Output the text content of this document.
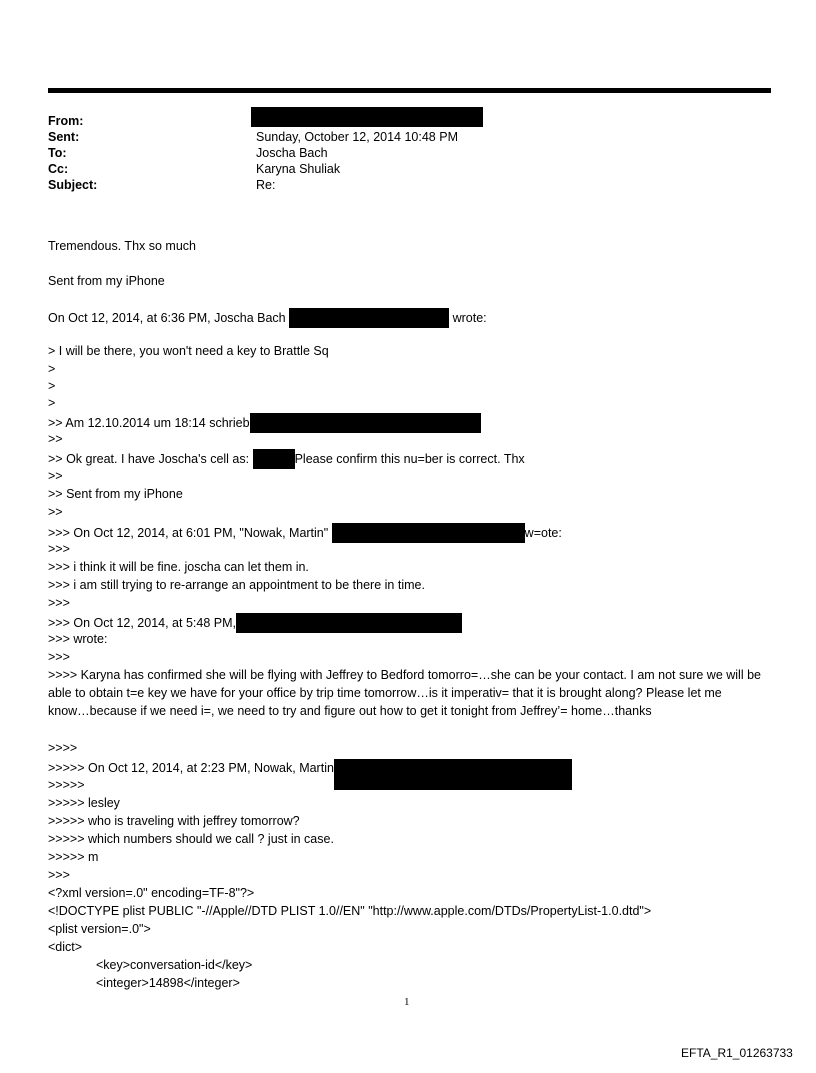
From:
Sent:	Sunday, October 12, 2014 10:48 PM
To:	Joscha Bach
Cc:	Karyna Shuliak
Subject:	Re:
Tremendous. Thx so much
Sent from my iPhone
On Oct 12, 2014, at 6:36 PM, Joscha Bach	wrote:
> I will be there, you won't need a key to Brattle Sq
>
>
>
>> Am 12.10.2014 um 18:14 schrieb
>>
>> Ok great. I have Joscha's cell as:	Please confirm this nu=ber is correct. Thx
>>
>> Sent from my iPhone
>>
>>> On Oct 12, 2014, at 6:01 PM, "Nowak, Martin"	w=ote:
>>>
>>> i think it will be fine. joscha can let them in.
>>> i am still trying to re-arrange an appointment to be there in time.
>>>
>>> On Oct 12, 2014, at 5:48 PM,
>>> wrote:
>>>
>>>> Karyna has confirmed she will be flying with Jeffrey to Bedford tomorro=…she can be your contact. I am not sure we will be able to obtain t=e key we have for your office by trip time tomorrow…is it imperativ= that it is brought along? Please let me know…because if we need i=, we need to try and figure out how to get it tonight from Jeffrey’= home…thanks
>>>>
>>>>> On Oct 12, 2014, at 2:23 PM, Nowak, Martin
>>>>>
>>>>> lesley
>>>>> who is traveling with jeffrey tomorrow?
>>>>> which numbers should we call ? just in case.
>>>>> m
>>>
<?xml version=.0" encoding=TF-8"?>
<!DOCTYPE plist PUBLIC "-//Apple//DTD PLIST 1.0//EN" "http://www.apple.com/DTDs/PropertyList-1.0.dtd">
<plist version=.0">
<dict>
<key>conversation-id</key>
<integer>14898</integer>
1
EFTA_R1_01263733
